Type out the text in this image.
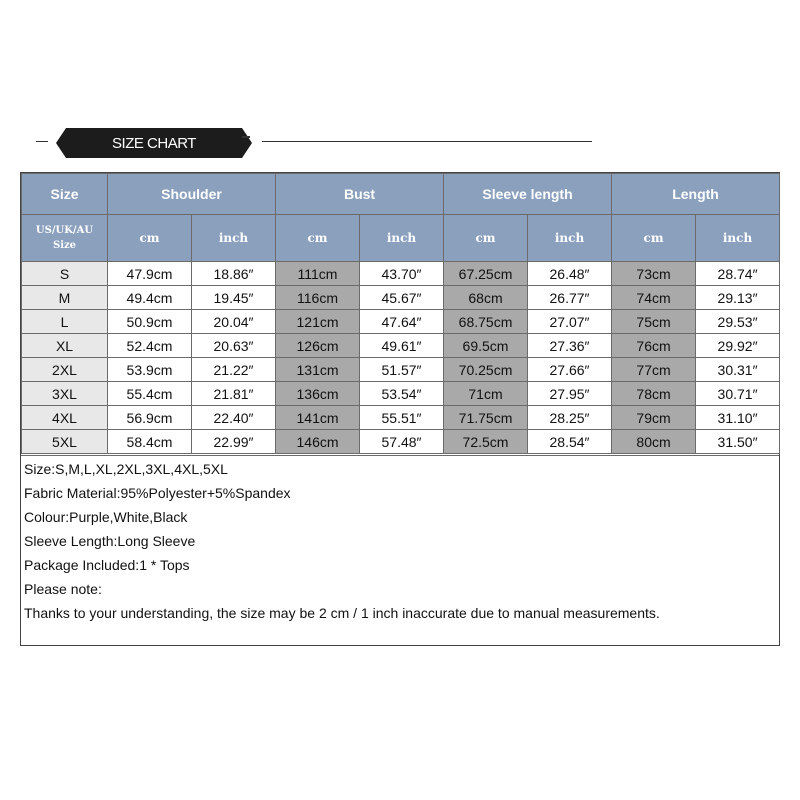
SIZE CHART
Size	Shoulder		Bust		Sleeve length		Length	
US/UK/AU
Size	cm	inch	cm	inch	cm	inch	cm	inch
S	47.9cm	18.86″	111cm	43.70″	67.25cm	26.48″	73cm	28.74″
M	49.4cm	19.45″	116cm	45.67″	68cm	26.77″	74cm	29.13″
L	50.9cm	20.04″	121cm	47.64″	68.75cm	27.07″	75cm	29.53″
XL	52.4cm	20.63″	126cm	49.61″	69.5cm	27.36″	76cm	29.92″
2XL	53.9cm	21.22″	131cm	51.57″	70.25cm	27.66″	77cm	30.31″
3XL	55.4cm	21.81″	136cm	53.54″	71cm	27.95″	78cm	30.71″
4XL	56.9cm	22.40″	141cm	55.51″	71.75cm	28.25″	79cm	31.10″
5XL	58.4cm	22.99″	146cm	57.48″	72.5cm	28.54″	80cm	31.50″
Size:S,M,L,XL,2XL,3XL,4XL,5XL
Fabric Material:95%Polyester+5%Spandex
Colour:Purple,White,Black
Sleeve Length:Long Sleeve
Package Included:1 * Tops
Please note:
Thanks to your understanding, the size may be 2 cm / 1 inch inaccurate due to manual measurements.
